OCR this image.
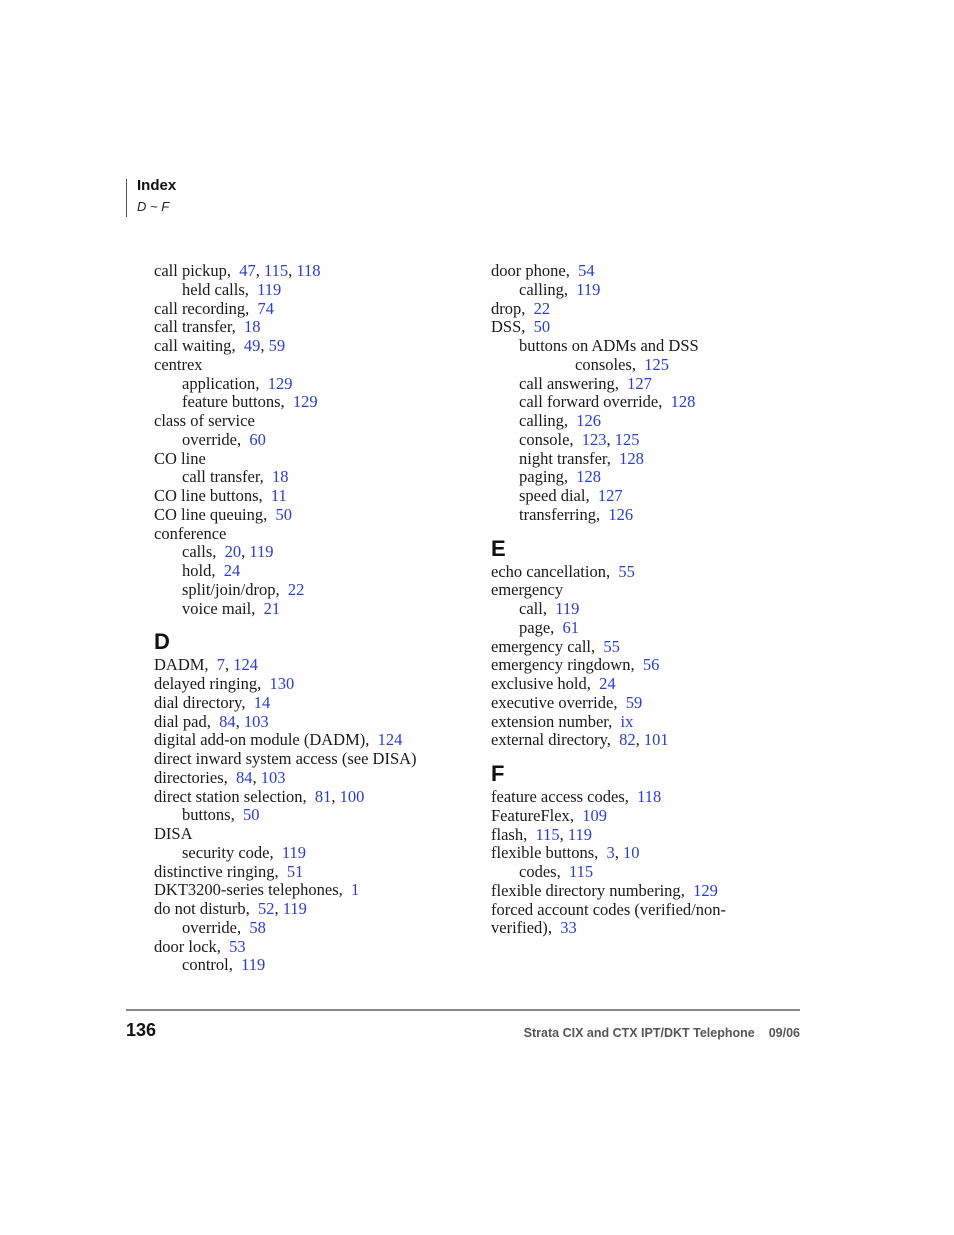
Index
D ~ F
call pickup,  47, 115, 118
held calls,  119
call recording,  74
call transfer,  18
call waiting,  49, 59
centrex
application,  129
feature buttons,  129
class of service
override,  60
CO line
call transfer,  18
CO line buttons,  11
CO line queuing,  50
conference
calls,  20, 119
hold,  24
split/join/drop,  22
voice mail,  21
D
DADM,  7, 124
delayed ringing,  130
dial directory,  14
dial pad,  84, 103
digital add-on module (DADM),  124
direct inward system access (see DISA)
directories,  84, 103
direct station selection,  81, 100
buttons,  50
DISA
security code,  119
distinctive ringing,  51
DKT3200-series telephones,  1
do not disturb,  52, 119
override,  58
door lock,  53
control,  119
door phone,  54
calling,  119
drop,  22
DSS,  50
buttons on ADMs and DSS
consoles,  125
call answering,  127
call forward override,  128
calling,  126
console,  123, 125
night transfer,  128
paging,  128
speed dial,  127
transferring,  126
E
echo cancellation,  55
emergency
call,  119
page,  61
emergency call,  55
emergency ringdown,  56
exclusive hold,  24
executive override,  59
extension number,  ix
external directory,  82, 101
F
feature access codes,  118
FeatureFlex,  109
flash,  115, 119
flexible buttons,  3, 10
codes,  115
flexible directory numbering,  129
forced account codes (verified/non-
verified),  33
136	Strata CIX and CTX IPT/DKT Telephone 09/06
